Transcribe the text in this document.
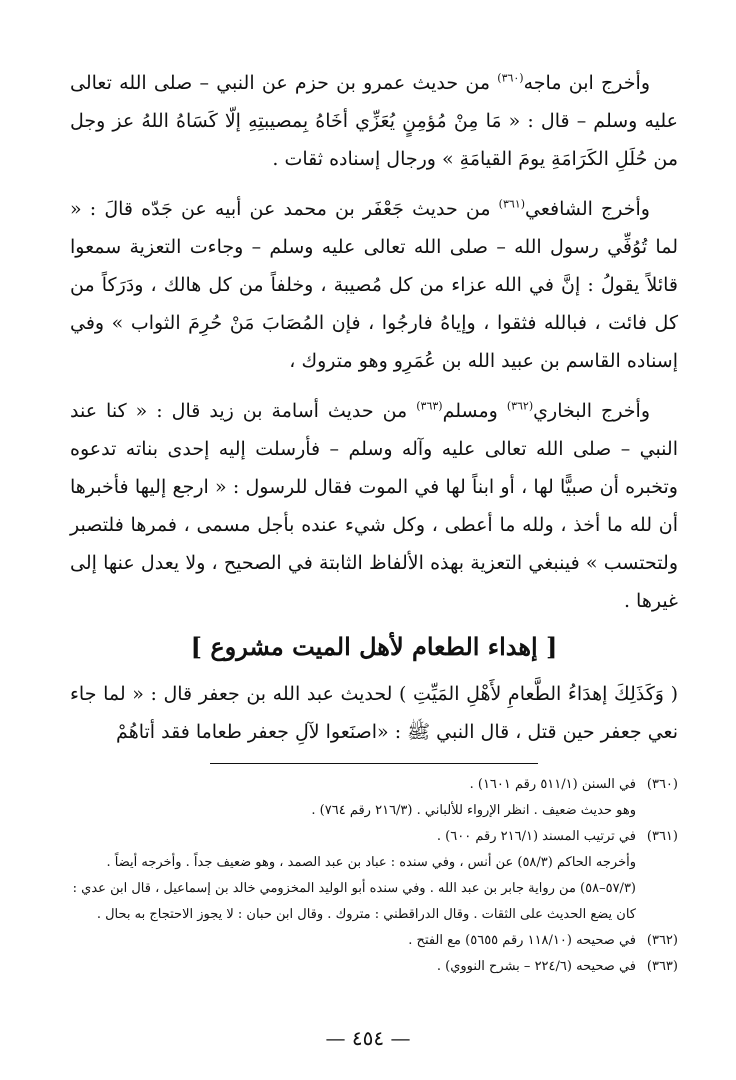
وأخرج ابن ماجه$^{(٣٦٠)}$ من حديث عمرو بن حزم عن النبي – صلى الله تعالى عليه وسلم – قال : « مَا مِنْ مُؤمِنٍ يُعَزِّي أخَاهُ بِمصيبتِهِ إلّا كَسَاهُ اللهُ عز وجل من حُلَلِ الكَرَامَةِ يومَ القيامَةِ » ورجال إسناده ثقات .

وأخرج الشافعي$^{(٣٦١)}$ من حديث جَعْفَر بن محمد عن أبيه عن جَدّه قالَ : « لما تُوُفِّي رسول الله – صلى الله تعالى عليه وسلم – وجاءت التعزية سمعوا قائلاً يقولُ : إنَّ في الله عزاء من كل مُصيبة ، وخلفاً من كل هالك ، ودَرَكاً من كل فائت ، فبالله فثقوا ، وإياهُ فارجُوا ، فإن المُصَابَ مَنْ حُرِمَ الثواب » وفي إسناده القاسم بن عبيد الله بن عُمَرِو وهو متروك ،

وأخرج البخاري$^{(٣٦٢)}$ ومسلم$^{(٣٦٣)}$ من حديث أسامة بن زيد قال : « كنا عند النبي – صلى الله تعالى عليه وآله وسلم – فأرسلت إليه إحدى بناته تدعوه وتخبره أن صبيًّا لها ، أو ابناً لها في الموت فقال للرسول : « ارجع إليها فأخبرها أن لله ما أخذ ، ولله ما أعطى ، وكل شيء عنده بأجل مسمى ، فمرها فلتصبر ولتحتسب » فينبغي التعزية بهذه الألفاظ الثابتة في الصحيح ، ولا يعدل عنها إلى غيرها .

[ إهداء الطعام لأهل الميت مشروع ]

( وَكَذَلِكَ إهدَاءُ الطَّعامِ لأَهْلِ المَيِّتِ ) لحديث عبد الله بن جعفر قال : « لما جاء نعي جعفر حين قتل ، قال النبي ﷺ : «اصنَعوا لآلِ جعفر طعاما فقد أتاهُمْ

(٣٦٠)في السنن (٥١١/١ رقم ١٦٠١) .

وهو حديث ضعيف . انظر الإرواء للألباني . (٢١٦/٣ رقم ٧٦٤) .

(٣٦١)في ترتيب المسند (٢١٦/١ رقم ٦٠٠) .

وأخرجه الحاكم (٥٨/٣) عن أنس ، وفي سنده : عباد بن عبد الصمد ، وهو ضعيف جداً . وأخرجه أيضاً . (٥٧/٣–٥٨) من رواية جابر بن عبد الله . وفي سنده أبو الوليد المخزومي خالد بن إسماعيل ، قال ابن عدي : كان يضع الحديث على الثقات . وقال الدراقطني : متروك . وقال ابن حبان : لا يجوز الاحتجاج به بحال .

(٣٦٢)في صحيحه (١١٨/١٠ رقم ٥٦٥٥) مع الفتح .

(٣٦٣)في صحيحه (٢٢٤/٦ – بشرح النووي) .

— ٤٥٤ —
